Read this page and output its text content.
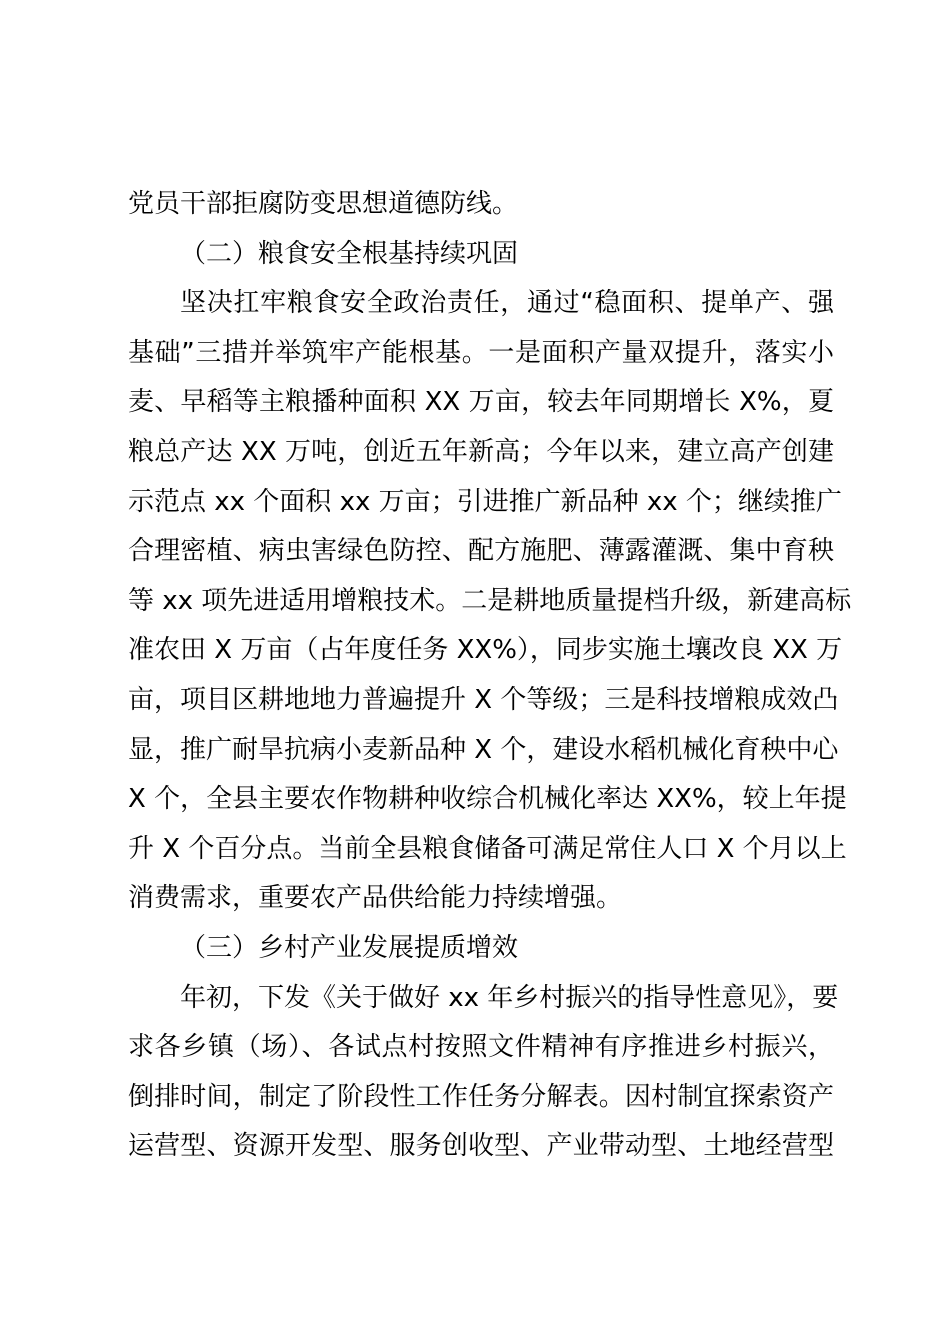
党员干部拒腐防变思想道德防线。
（二）粮食安全根基持续巩固
坚决扛牢粮食安全政治责任，通过“稳面积、提单产、强
基础”三措并举筑牢产能根基。一是面积产量双提升，落实小
麦、早稻等主粮播种面积 XX 万亩，较去年同期增长 X%，夏
粮总产达 XX 万吨，创近五年新高；今年以来，建立高产创建
示范点 xx 个面积 xx 万亩；引进推广新品种 xx 个；继续推广
合理密植、病虫害绿色防控、配方施肥、薄露灌溉、集中育秧
等 xx 项先进适用增粮技术。二是耕地质量提档升级，新建高标
准农田 X 万亩（占年度任务 XX%），同步实施土壤改良 XX 万
亩，项目区耕地地力普遍提升 X 个等级；三是科技增粮成效凸
显，推广耐旱抗病小麦新品种 X 个，建设水稻机械化育秧中心
X 个，全县主要农作物耕种收综合机械化率达 XX%，较上年提
升 X 个百分点。当前全县粮食储备可满足常住人口 X 个月以上
消费需求，重要农产品供给能力持续增强。
（三）乡村产业发展提质增效
年初，下发《关于做好 xx 年乡村振兴的指导性意见》，要
求各乡镇（场）、各试点村按照文件精神有序推进乡村振兴，
倒排时间，制定了阶段性工作任务分解表。因村制宜探索资产
运营型、资源开发型、服务创收型、产业带动型、土地经营型
